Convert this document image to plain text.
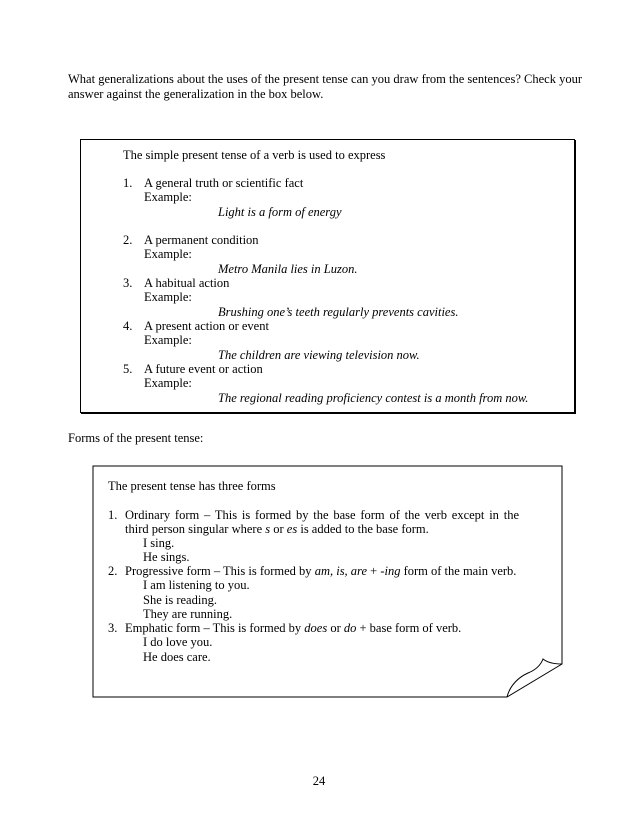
What generalizations about the uses of the present tense can you draw from the sentences? Check your answer against the generalization in the box below.
The simple present tense of a verb is used to express
1. A general truth or scientific fact
Example:
Light is a form of energy
2. A permanent condition
Example:
Metro Manila lies in Luzon.
3. A habitual action
Example:
Brushing one’s teeth regularly prevents cavities.
4. A present action or event
Example:
The children are viewing television now.
5. A future event or action
Example:
The regional reading proficiency contest is a month from now.
Forms of the present tense:
The present tense has three forms
1. Ordinary form – This is formed by the base form of the verb except in the
third person singular where s or es is added to the base form.
I sing.
He sings.
2. Progressive form – This is formed by am, is, are + -ing form of the main verb.
I am listening to you.
She is reading.
They are running.
3. Emphatic form – This is formed by does or do + base form of verb.
I do love you.
He does care.
24
